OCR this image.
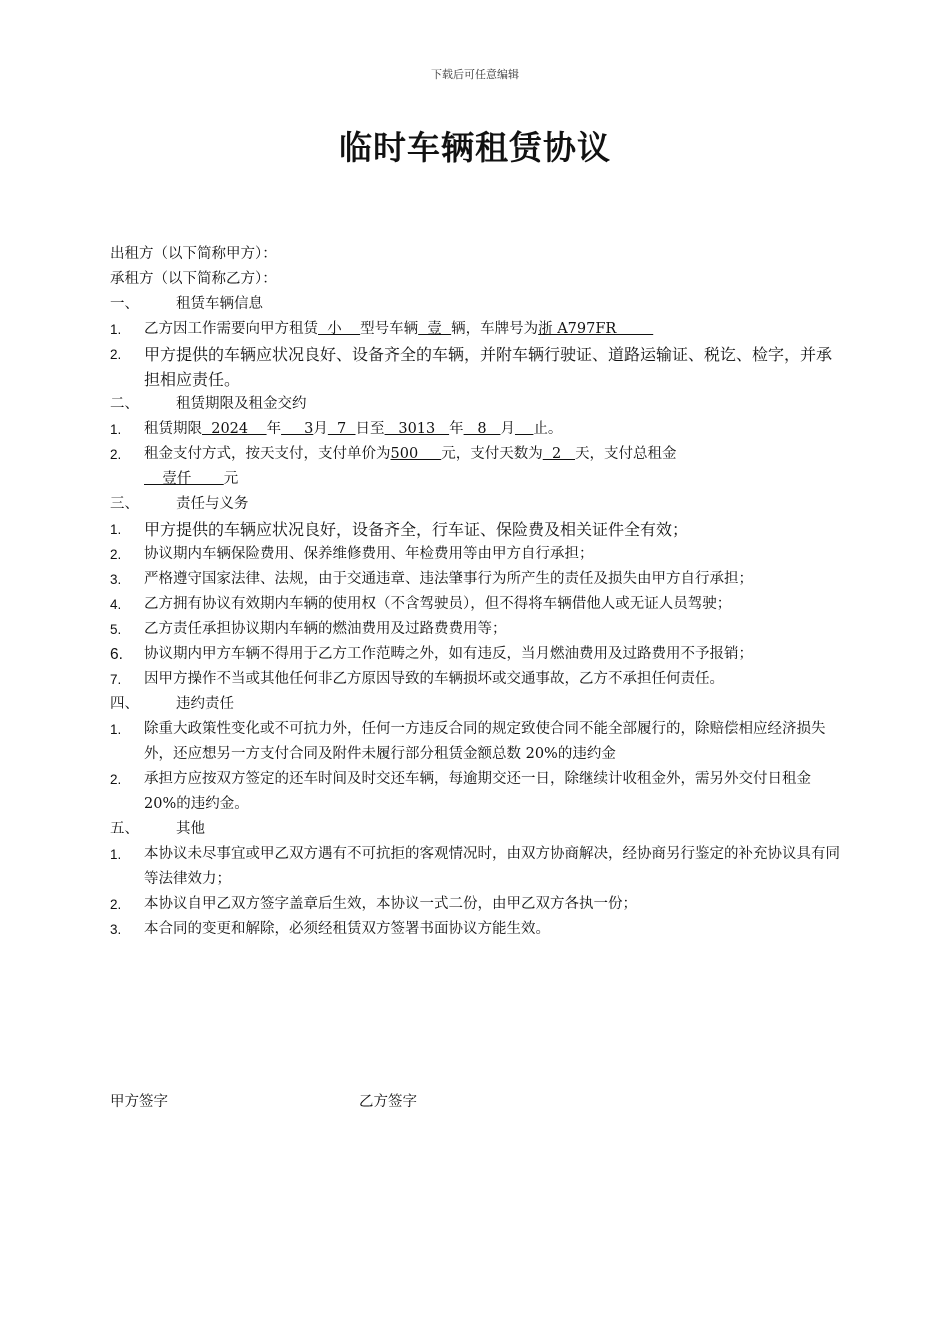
下载后可任意编辑
临时车辆租赁协议
出租方（以下简称甲方）：
承租方（以下简称乙方）：
一、	租赁车辆信息
1.	乙方因工作需要向甲方租赁  小    型号车辆  壹  辆，车牌号为浙 A797FR
2.	甲方提供的车辆应状况良好、设备齐全的车辆，并附车辆行驶证、道路运输证、税讫、检字，并承担相应责任。
二、	租赁期限及租金交约
1.	租赁期限  2024    年     3月  7  日至   3013   年   8   月 止。
2.	租金支付方式，按天支付，支付单价为500     元，支付天数为  2   天，支付总租金
壹仟       元
三、	责任与义务
1.	甲方提供的车辆应状况良好，设备齐全，行车证、保险费及相关证件全有效；
2.	协议期内车辆保险费用、保养维修费用、年检费用等由甲方自行承担；
3.	严格遵守国家法律、法规，由于交通违章、违法肇事行为所产生的责任及损失由甲方自行承担；
4.	乙方拥有协议有效期内车辆的使用权（不含驾驶员），但不得将车辆借他人或无证人员驾驶；
5.	乙方责任承担协议期内车辆的燃油费用及过路费费用等；
6.	协议期内甲方车辆不得用于乙方工作范畴之外，如有违反，当月燃油费用及过路费用不予报销；
7.	因甲方操作不当或其他任何非乙方原因导致的车辆损坏或交通事故，乙方不承担任何责任。
四、	违约责任
1.	除重大政策性变化或不可抗力外，任何一方违反合同的规定致使合同不能全部履行的，除赔偿相应经济损失外，还应想另一方支付合同及附件未履行部分租赁金额总数 20%的违约金
2.	承担方应按双方签定的还车时间及时交还车辆，每逾期交还一日，除继续计收租金外，需另外交付日租金 20%的违约金。
五、	其他
1.	本协议未尽事宜或甲乙双方遇有不可抗拒的客观情况时，由双方协商解决，经协商另行鉴定的补充协议具有同等法律效力；
2.	本协议自甲乙双方签字盖章后生效，本协议一式二份，由甲乙双方各执一份；
3.	本合同的变更和解除，必须经租赁双方签署书面协议方能生效。
甲方签字	乙方签字
